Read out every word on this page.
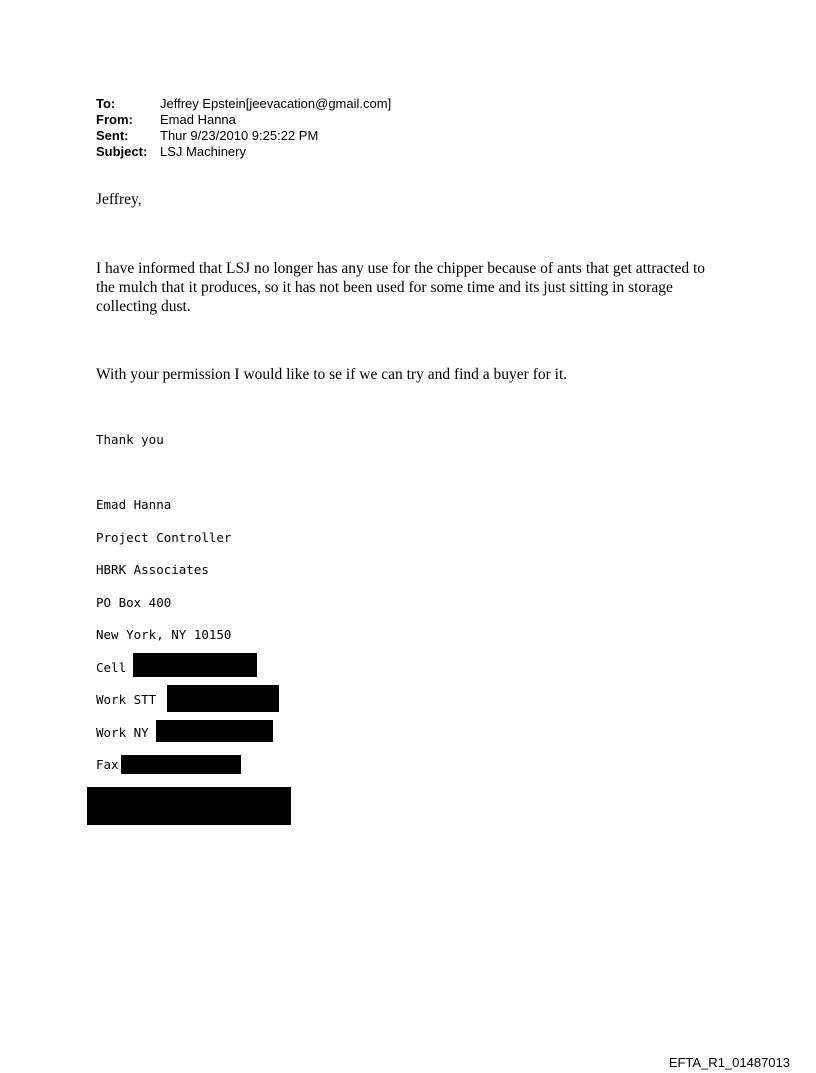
To:	Jeffrey Epstein[jeevacation@gmail.com]
From:	Emad Hanna
Sent:	Thur 9/23/2010 9:25:22 PM
Subject: LSJ Machinery
Jeffrey,
I have informed that LSJ no longer has any use for the chipper because of ants that get attracted to the mulch that it produces, so it has not been used for some time and its just sitting in storage collecting dust.
With your permission I would like to se if we can try and find a buyer for it.
Thank you
Emad Hanna
Project Controller
HBRK Associates
PO Box 400
New York, NY 10150
Cell
Work STT
Work NY
Fax
EFTA_R1_01487013
